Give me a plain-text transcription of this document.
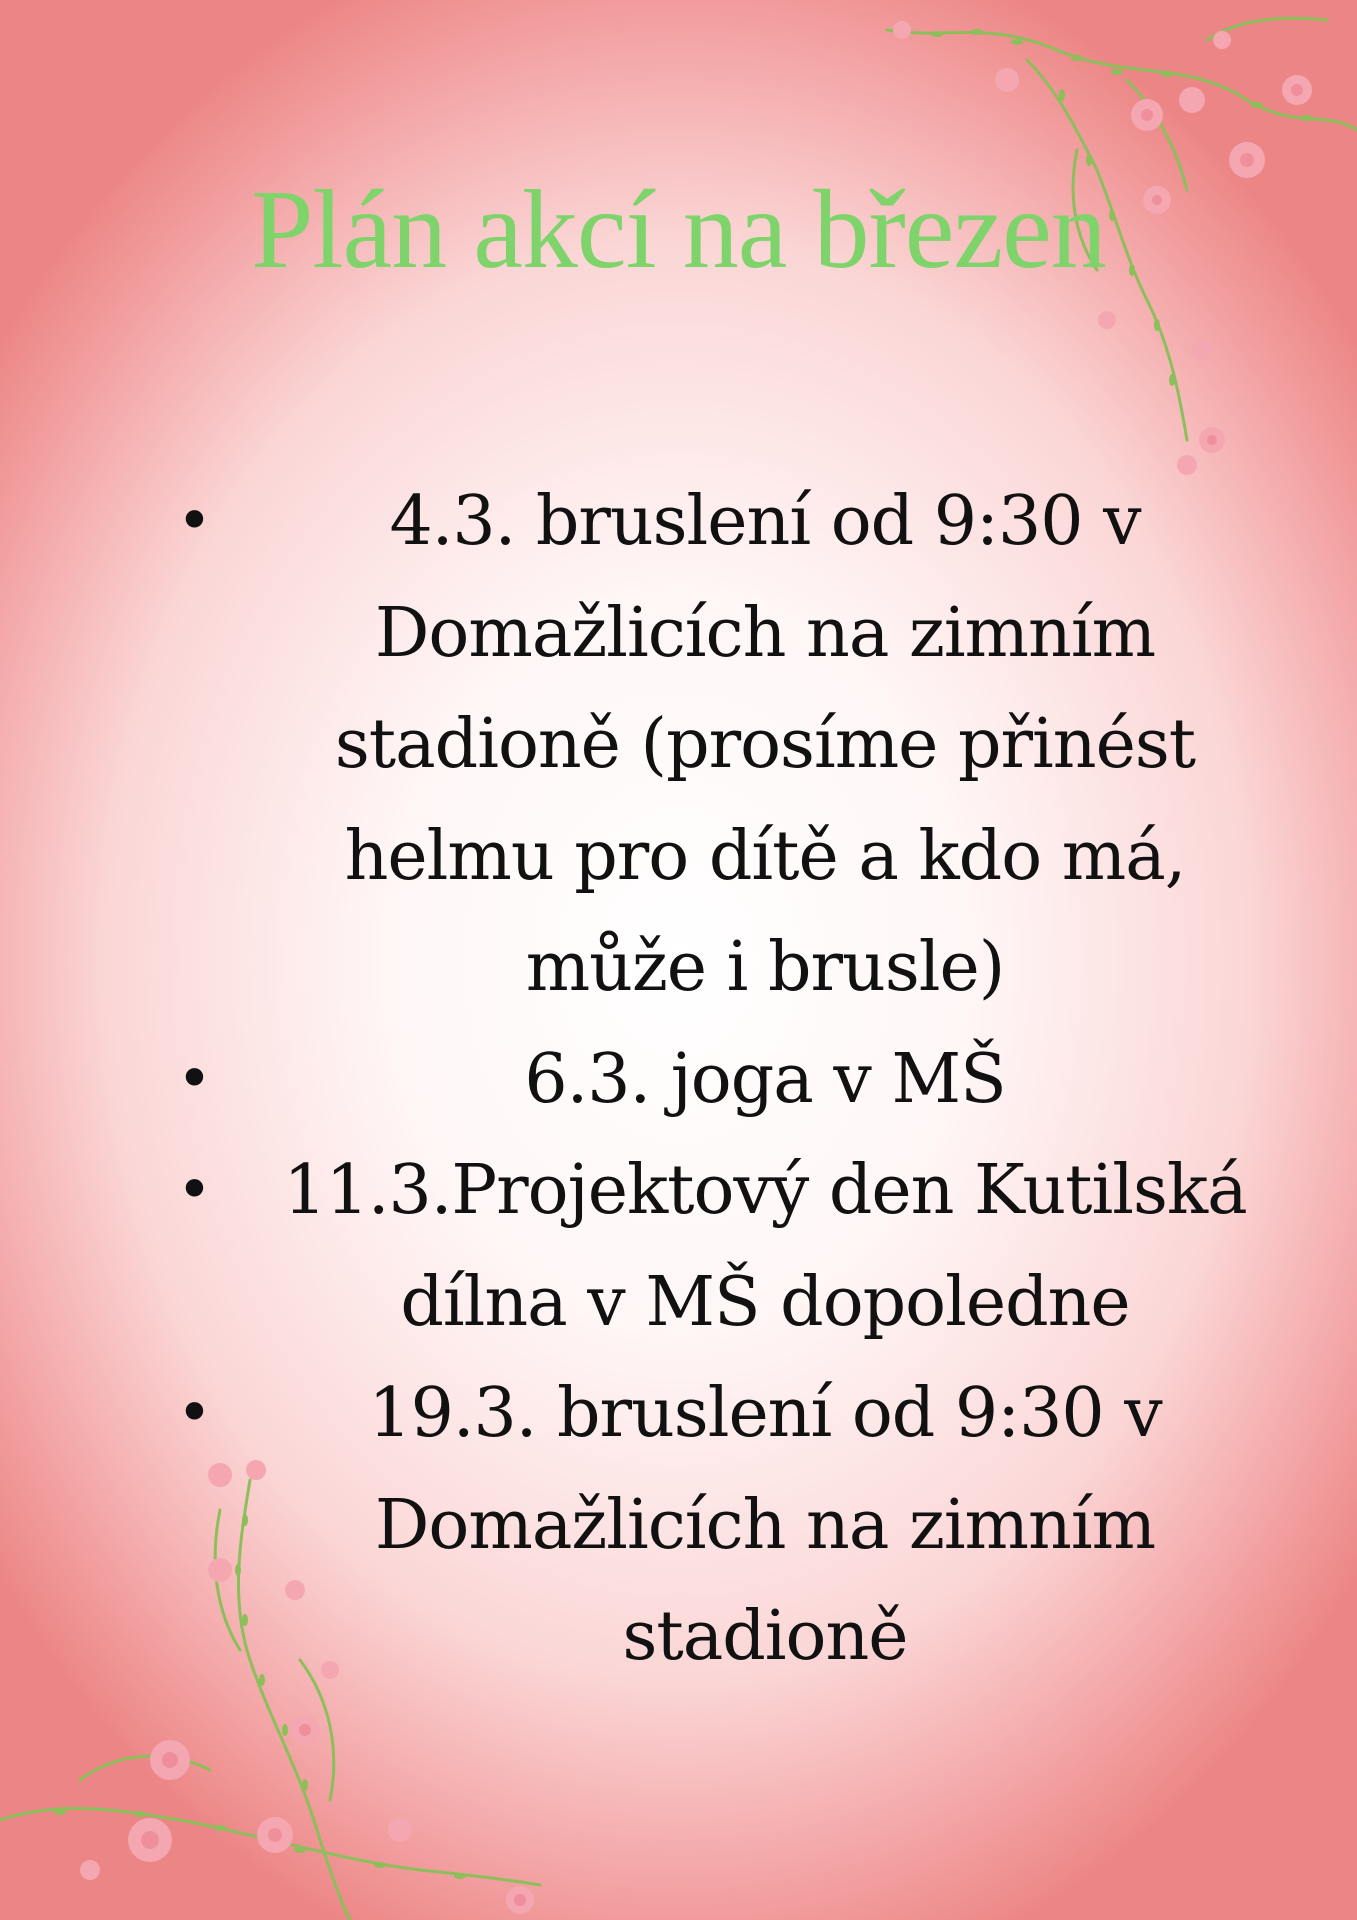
Plán akcí na březen
•	4.3. bruslení od 9:30 v Domažlicích na zimním stadioně (prosíme přinést helmu pro dítě a kdo má, může i brusle)
•	6.3. joga v MŠ
• 11.3.Projektový den Kutilská dílna v MŠ dopoledne
• 19.3. bruslení od 9:30 v Domažlicích na zimním stadioně
